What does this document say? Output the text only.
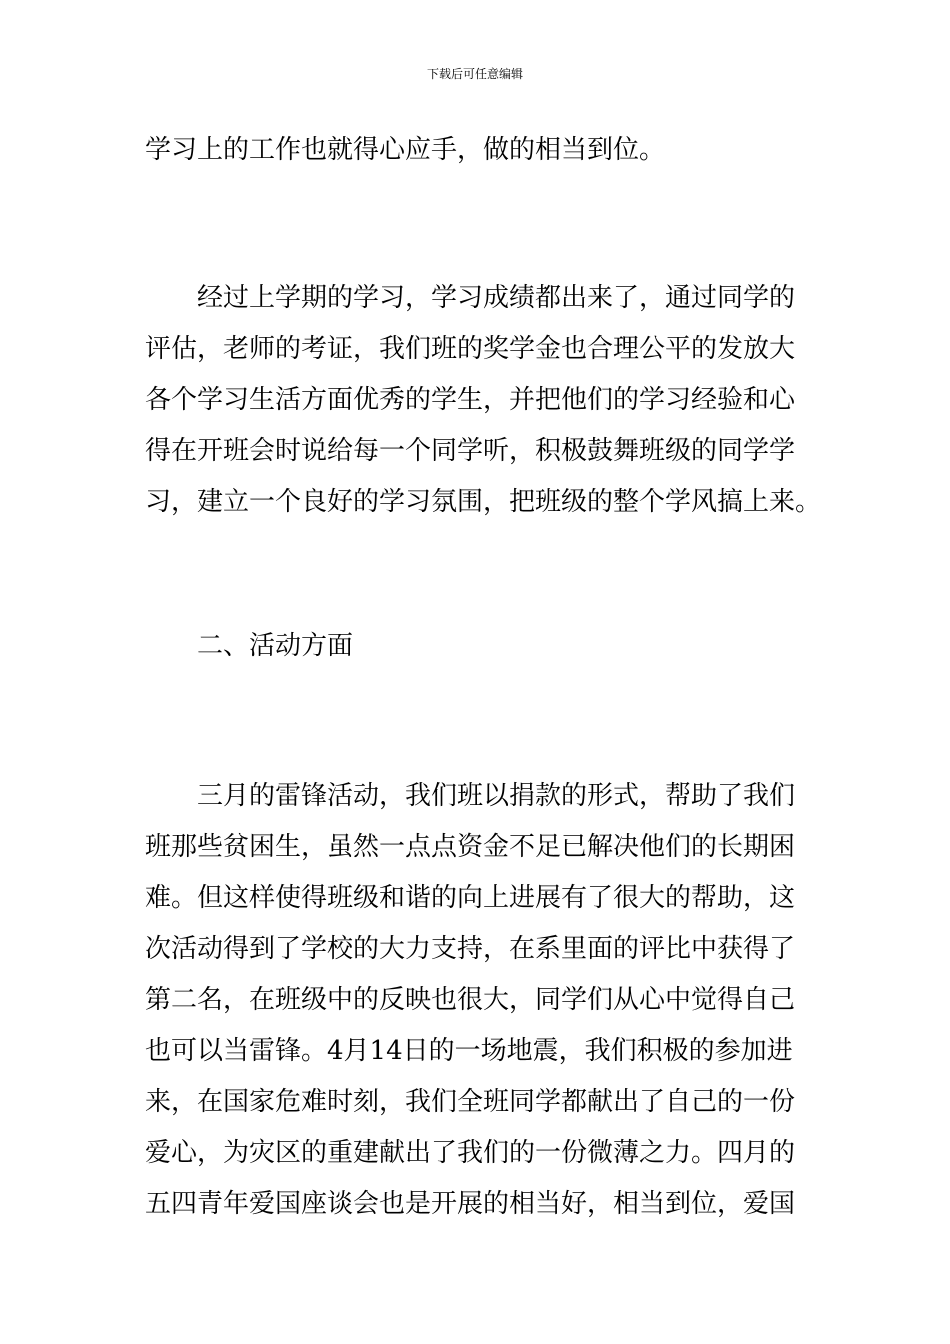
下载后可任意编辑
学习上的工作也就得心应手，做的相当到位。
经过上学期的学习，学习成绩都出来了，通过同学的
评估，老师的考证，我们班的奖学金也合理公平的发放大
各个学习生活方面优秀的学生，并把他们的学习经验和心
得在开班会时说给每一个同学听，积极鼓舞班级的同学学
习，建立一个良好的学习氛围，把班级的整个学风搞上来。
二、活动方面
三月的雷锋活动，我们班以捐款的形式，帮助了我们
班那些贫困生，虽然一点点资金不足已解决他们的长期困
难。但这样使得班级和谐的向上进展有了很大的帮助，这
次活动得到了学校的大力支持，在系里面的评比中获得了
第二名，在班级中的反映也很大，同学们从心中觉得自己
也可以当雷锋。4月14日的一场地震，我们积极的参加进
来，在国家危难时刻，我们全班同学都献出了自己的一份
爱心，为灾区的重建献出了我们的一份微薄之力。四月的
五四青年爱国座谈会也是开展的相当好，相当到位，爱国
